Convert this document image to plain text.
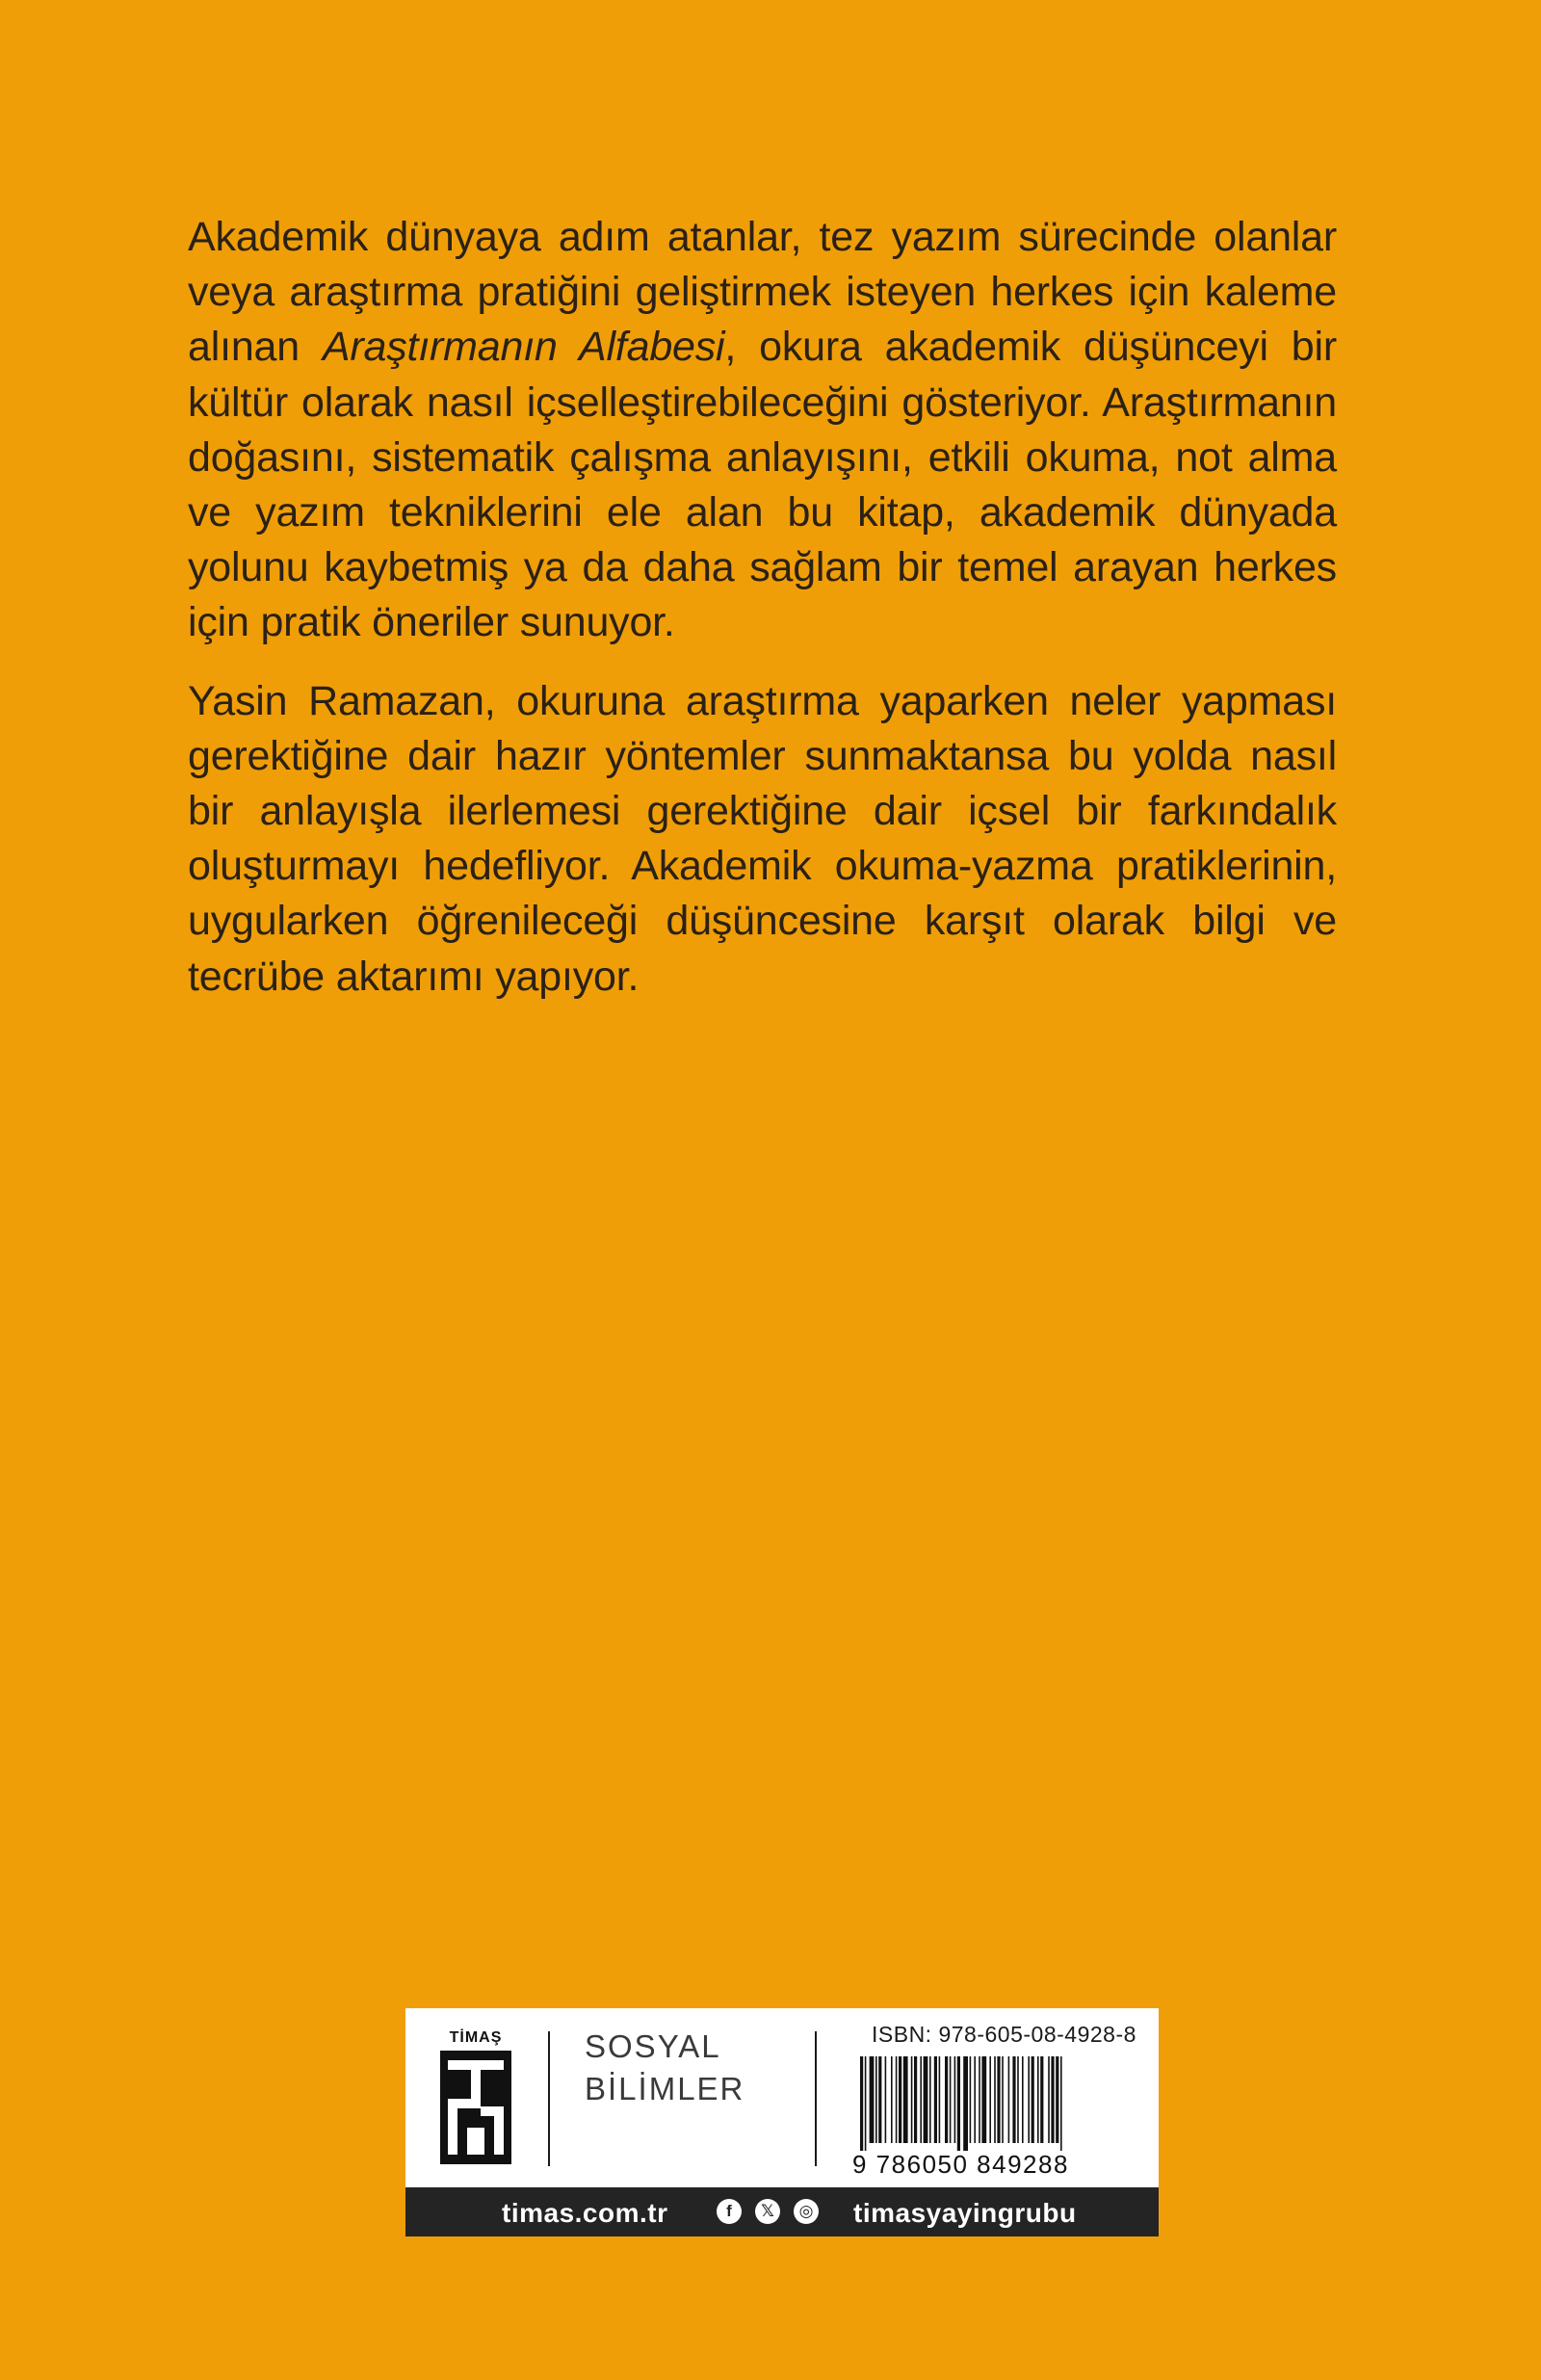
Akademik dünyaya adım atanlar, tez yazım sürecinde olanlar veya araştırma pratiğini geliştirmek isteyen herkes için kaleme alınan Araştırmanın Alfabesi, okura akademik düşünceyi bir kültür olarak nasıl içselleştirebileceğini gösteriyor. Araştırmanın doğasını, sistematik çalışma anlayışını, etkili okuma, not alma ve yazım tekniklerini ele alan bu kitap, akademik dünyada yolunu kaybetmiş ya da daha sağlam bir temel arayan herkes için pratik öneriler sunuyor.

Yasin Ramazan, okuruna araştırma yaparken neler yapması gerektiğine dair hazır yöntemler sunmaktansa bu yolda nasıl bir anlayışla ilerlemesi gerektiğine dair içsel bir farkındalık oluşturmayı hedefliyor. Akademik okuma-yazma pratiklerinin, uygularken öğrenileceği düşüncesine karşıt olarak bilgi ve tecrübe aktarımı yapıyor.

TİMAŞ	SOSYAL
BİLİMLER
ISBN: 978-605-08-4928-8
9 786050 849288
timas.com.tr	f	𝕏	◎ timasyayingrubu
